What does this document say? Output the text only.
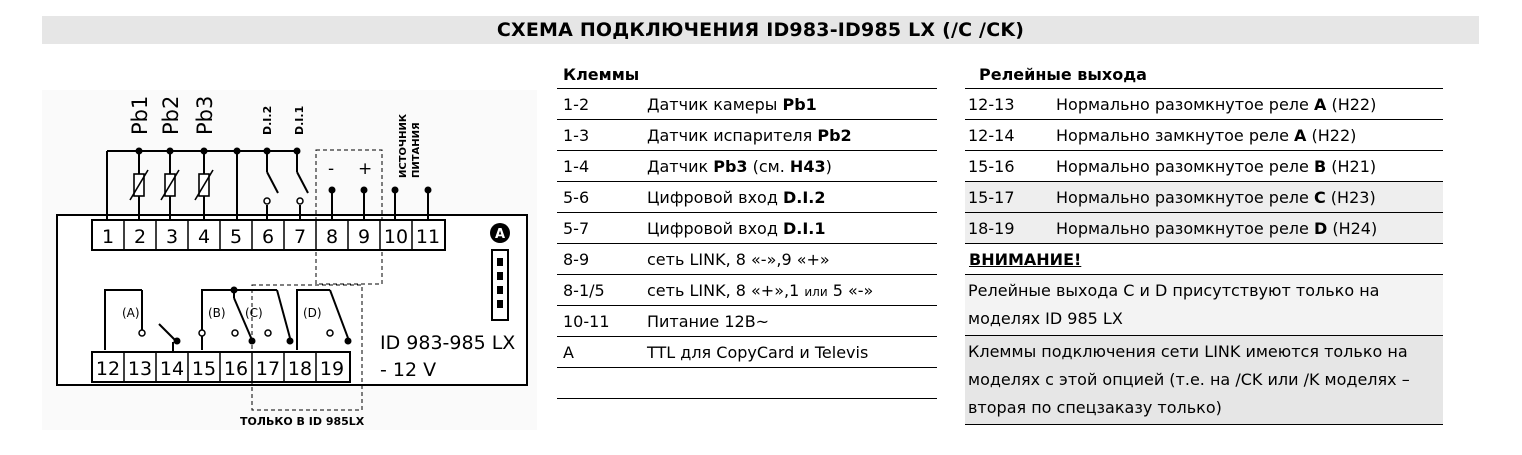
СХЕМА ПОДКЛЮЧЕНИЯ ID983-ID985 LX (/C /CK)
1 2 3 4 5 6 7 8 9 10 11
12 13 14 15 16 17 18 19
Pb1 Pb2 Pb3	D.I.2 D.I.1	ИСТОЧНИК ПИТАНИЯ
- +
(A)	(B) (C)	(D)
A
ID 983-985 LX
- 12 V
ТОЛЬКО В ID 985LX
Клеммы	
1-2	Датчик камеры Pb1
1-3	Датчик испарителя Pb2
1-4	Датчик Pb3 (см. H43)
5-6	Цифровой вход D.I.2
5-7	Цифровой вход D.I.1
8-9	сеть LINK, 8 «-»,9 «+»
8-1/5	сеть LINK, 8 «+»,1 или 5 «-»
10-11	Питание 12В~
A	TTL для CopyCard и Televis

Релейные выхода	
12-13	Нормально разомкнутое реле A (H22)
12-14	Нормально замкнутое реле A (H22)
15-16	Нормально разомкнутое реле B (H21)
15-17	Нормально разомкнутое реле C (H23)
18-19	Нормально разомкнутое реле D (H24)
ВНИМАНИЕ!	
Релейные выхода C и D присутствуют только на моделях ID 985 LX	
Клеммы подключения сети LINK имеются только на моделях с этой опцией (т.е. на /CK или /K моделях – вторая по спецзаказу только)	
